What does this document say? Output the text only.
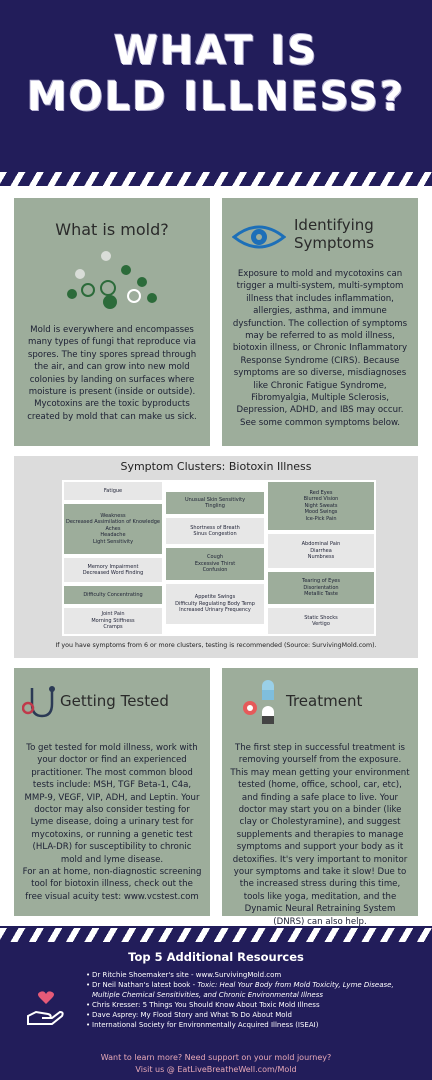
WHAT IS
MOLD ILLNESS?
What is mold?

Mold is everywhere and encompasses many types of fungi that reproduce via spores. The tiny spores spread through the air, and can grow into new mold colonies by landing on surfaces where moisture is present (inside or outside). Mycotoxins are the toxic byproducts created by mold that can make us sick.

Identifying
Symptoms

Exposure to mold and mycotoxins can trigger a multi-system, multi-symptom illness that includes inflammation, allergies, asthma, and immune dysfunction. The collection of symptoms may be referred to as mold illness, biotoxin illness, or Chronic Inflammatory Response Syndrome (CIRS). Because symptoms are so diverse, misdiagnoses like Chronic Fatigue Syndrome, Fibromyalgia, Multiple Sclerosis, Depression, ADHD, and IBS may occur. See some common symptoms below.

Symptom Clusters: Biotoxin Illness
Fatigue
Weakness
Decreased Assimilation of Knowledge
Aches
Headache
Light Sensitivity
Memory Impairment
Decreased Word Finding
Difficulty Concentrating
Joint Pain
Morning Stiffness
Cramps
Unusual Skin Sensitivity
Tingling
Shortness of Breath
Sinus Congestion
Cough
Excessive Thirst
Confusion
Appetite Swings
Difficulty Regulating Body Temp
Increased Urinary Frequency
Red Eyes
Blurred Vision
Night Sweats
Mood Swings
Ice-Pick Pain
Abdominal Pain
Diarrhea
Numbness
Tearing of Eyes
Disorientation
Metallic Taste
Static Shocks
Vertigo
If you have symptoms from 6 or more clusters, testing is recommended (Source: SurvivingMold.com).
Getting Tested

To get tested for mold illness, work with your doctor or find an experienced practitioner. The most common blood tests include: MSH, TGF Beta-1, C4a, MMP-9, VEGF, VIP, ADH, and Leptin. Your doctor may also consider testing for Lyme disease, doing a urinary test for mycotoxins, or running a genetic test (HLA-DR) for susceptibility to chronic mold and lyme disease.
For an at home, non-diagnostic screening tool for biotoxin illness, check out the free visual acuity test: www.vcstest.com

Treatment

The first step in successful treatment is removing yourself from the exposure. This may mean getting your environment tested (home, office, school, car, etc), and finding a safe place to live. Your doctor may start you on a binder (like clay or Cholestyramine), and suggest supplements and therapies to manage symptoms and support your body as it detoxifies. It's very important to monitor your symptoms and take it slow! Due to the increased stress during this time, tools like yoga, meditation, and the Dynamic Neural Retraining System (DNRS) can also help.

Top 5 Additional Resources
• Dr Ritchie Shoemaker's site - www.SurvivingMold.com
• Dr Neil Nathan's latest book - Toxic: Heal Your Body from Mold Toxicity, Lyme Disease, Multiple Chemical Sensitivities, and Chronic Environmental Illness
• Chris Kresser: 5 Things You Should Know About Toxic Mold Illness
• Dave Asprey: My Flood Story and What To Do About Mold
• International Society for Environmentally Acquired Illness (ISEAI)
Want to learn more? Need support on your mold journey?
Visit us @ EatLiveBreatheWell.com/Mold
